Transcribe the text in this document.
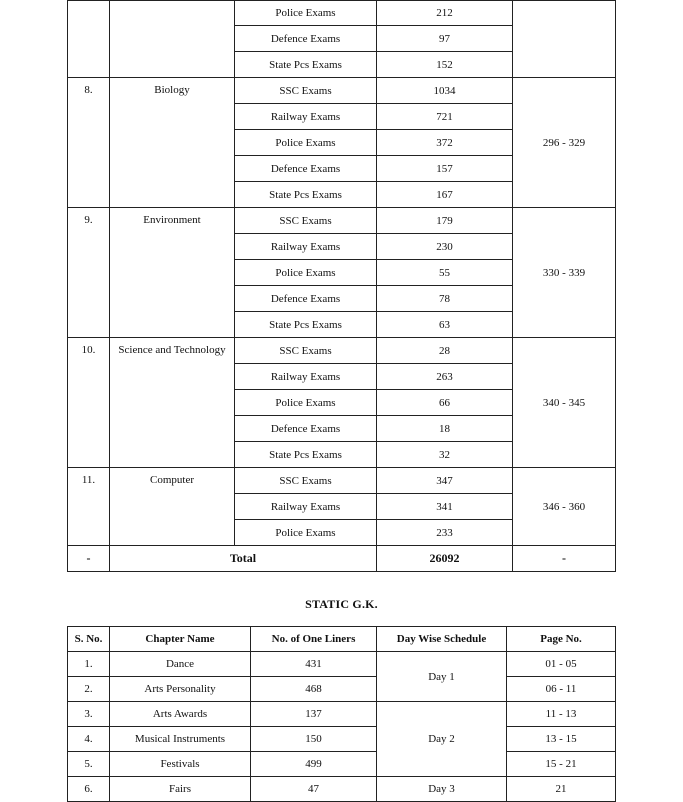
		Police Exams	212	
		Defence Exams	97	
		State Pcs Exams	152	
8.	Biology	SSC Exams	1034	296 - 329
		Railway Exams	721	
		Police Exams	372	
		Defence Exams	157	
		State Pcs Exams	167	
9.	Environment	SSC Exams	179	330 - 339
		Railway Exams	230	
		Police Exams	55	
		Defence Exams	78	
		State Pcs Exams	63	
10.	Science and Technology	SSC Exams	28	340 - 345
		Railway Exams	263	
		Police Exams	66	
		Defence Exams	18	
		State Pcs Exams	32	
11.	Computer	SSC Exams	347	346 - 360
		Railway Exams	341	
		Police Exams	233	
-	Total		26092	-
STATIC G.K.
S. No.	Chapter Name	No. of One Liners	Day Wise Schedule	Page No.
1.	Dance	431	Day 1	01 - 05
2.	Arts Personality	468		06 - 11
3.	Arts Awards	137	Day 2	11 - 13
4.	Musical Instruments	150		13 - 15
5.	Festivals	499		15 - 21
6.	Fairs	47	Day 3	21
